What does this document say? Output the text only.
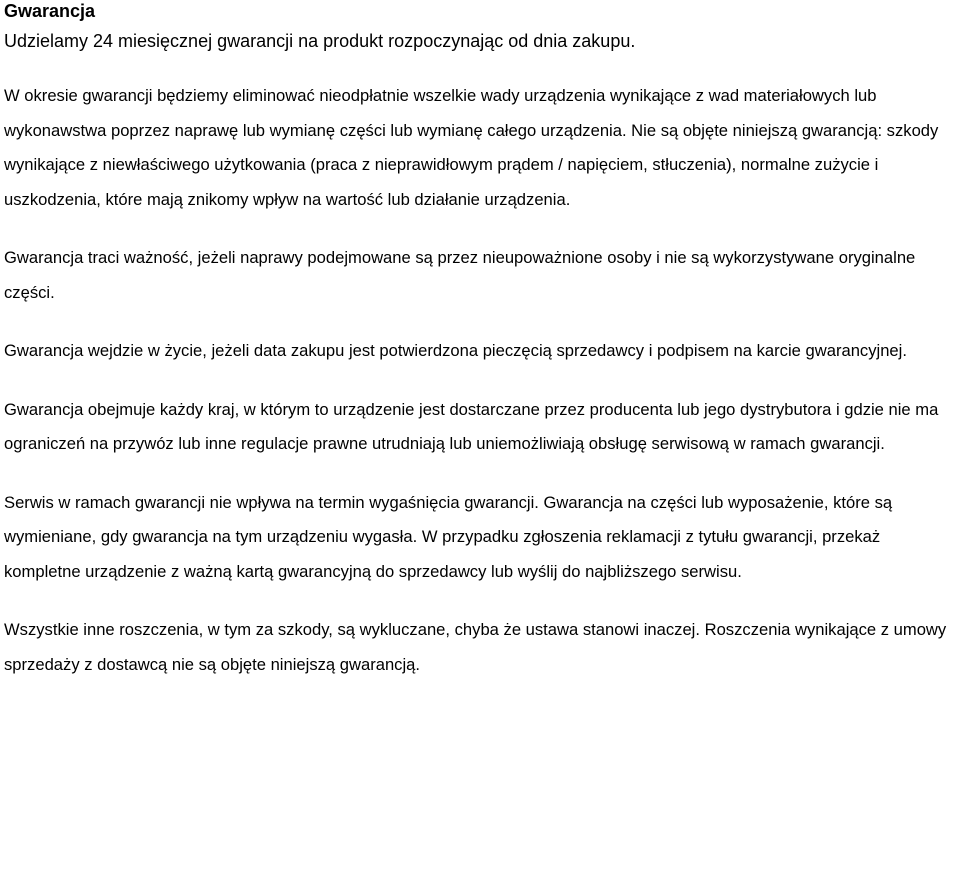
Gwarancja

Udzielamy 24 miesięcznej gwarancji na produkt rozpoczynając od dnia zakupu.

W okresie gwarancji będziemy eliminować nieodpłatnie wszelkie wady urządzenia wynikające z wad materiałowych lub wykonawstwa poprzez naprawę lub wymianę części lub wymianę całego urządzenia. Nie są objęte niniejszą gwarancją: szkody wynikające z niewłaściwego użytkowania (praca z nieprawidłowym prądem / napięciem, stłuczenia), normalne zużycie i uszkodzenia, które mają znikomy wpływ na wartość lub działanie urządzenia.

Gwarancja traci ważność, jeżeli naprawy podejmowane są przez nieupoważnione osoby i nie są wykorzystywane oryginalne części.

Gwarancja wejdzie w życie, jeżeli data zakupu jest potwierdzona pieczęcią sprzedawcy i podpisem na karcie gwarancyjnej.

Gwarancja obejmuje każdy kraj, w którym to urządzenie jest dostarczane przez producenta lub jego dystrybutora i gdzie nie ma ograniczeń na przywóz lub inne regulacje prawne utrudniają lub uniemożliwiają obsługę serwisową w ramach gwarancji.

Serwis w ramach gwarancji nie wpływa na termin wygaśnięcia gwarancji. Gwarancja na części lub wyposażenie, które są wymieniane, gdy gwarancja na tym urządzeniu wygasła. W przypadku zgłoszenia reklamacji z tytułu gwarancji, przekaż kompletne urządzenie z ważną kartą gwarancyjną do sprzedawcy lub wyślij do najbliższego serwisu.

Wszystkie inne roszczenia, w tym za szkody, są wykluczane, chyba że ustawa stanowi inaczej. Roszczenia wynikające z umowy sprzedaży z dostawcą nie są objęte niniejszą gwarancją.
